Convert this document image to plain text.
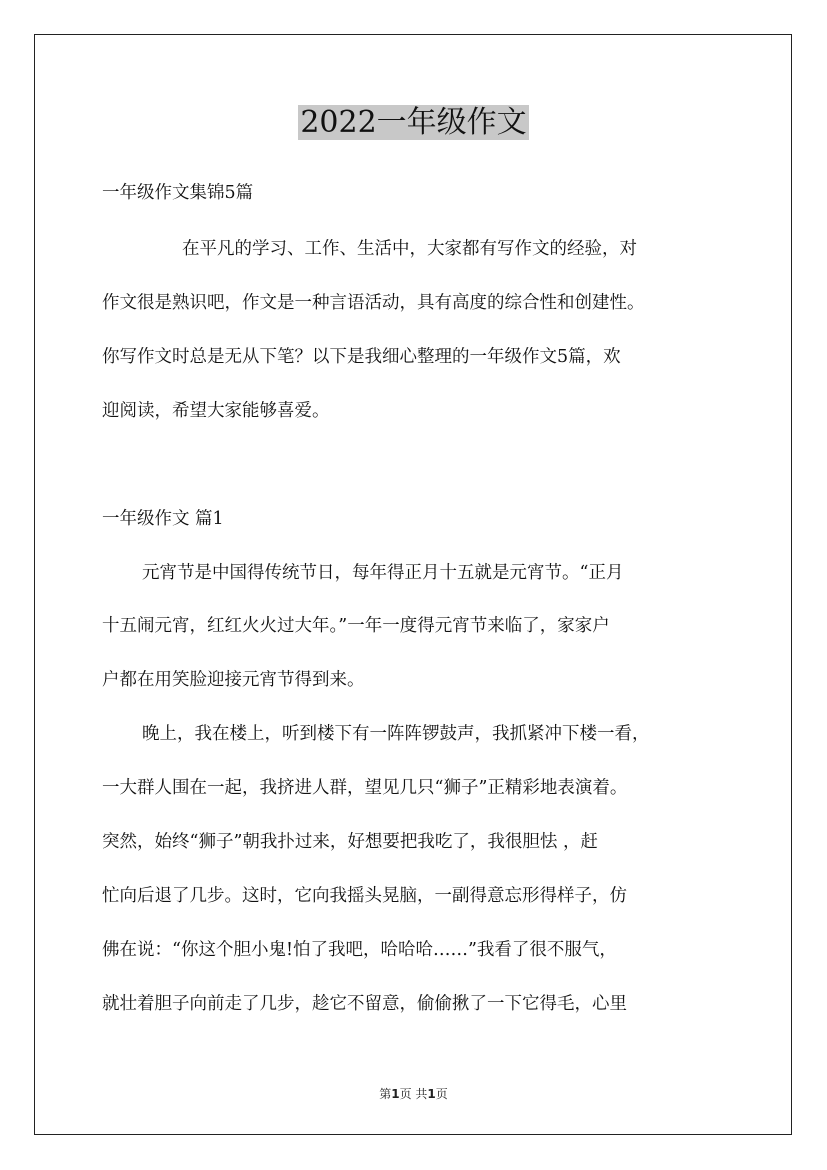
2022一年级作文
一年级作文集锦5篇
在平凡的学习、工作、生活中，大家都有写作文的经验，对
作文很是熟识吧，作文是一种言语活动，具有高度的综合性和创建性。
你写作文时总是无从下笔？以下是我细心整理的一年级作文5篇，欢
迎阅读，希望大家能够喜爱。
一年级作文 篇1
元宵节是中国得传统节日，每年得正月十五就是元宵节。“正月
十五闹元宵，红红火火过大年。”一年一度得元宵节来临了，家家户
户都在用笑脸迎接元宵节得到来。
晚上，我在楼上，听到楼下有一阵阵锣鼓声，我抓紧冲下楼一看，
一大群人围在一起，我挤进人群，望见几只“狮子”正精彩地表演着。
突然，始终“狮子”朝我扑过来，好想要把我吃了，我很胆怯 ，赶
忙向后退了几步。这时，它向我摇头晃脑，一副得意忘形得样子，仿
佛在说：“你这个胆小鬼!怕了我吧，哈哈哈……”我看了很不服气，
就壮着胆子向前走了几步，趁它不留意，偷偷揪了一下它得毛，心里
第1页 共1页
